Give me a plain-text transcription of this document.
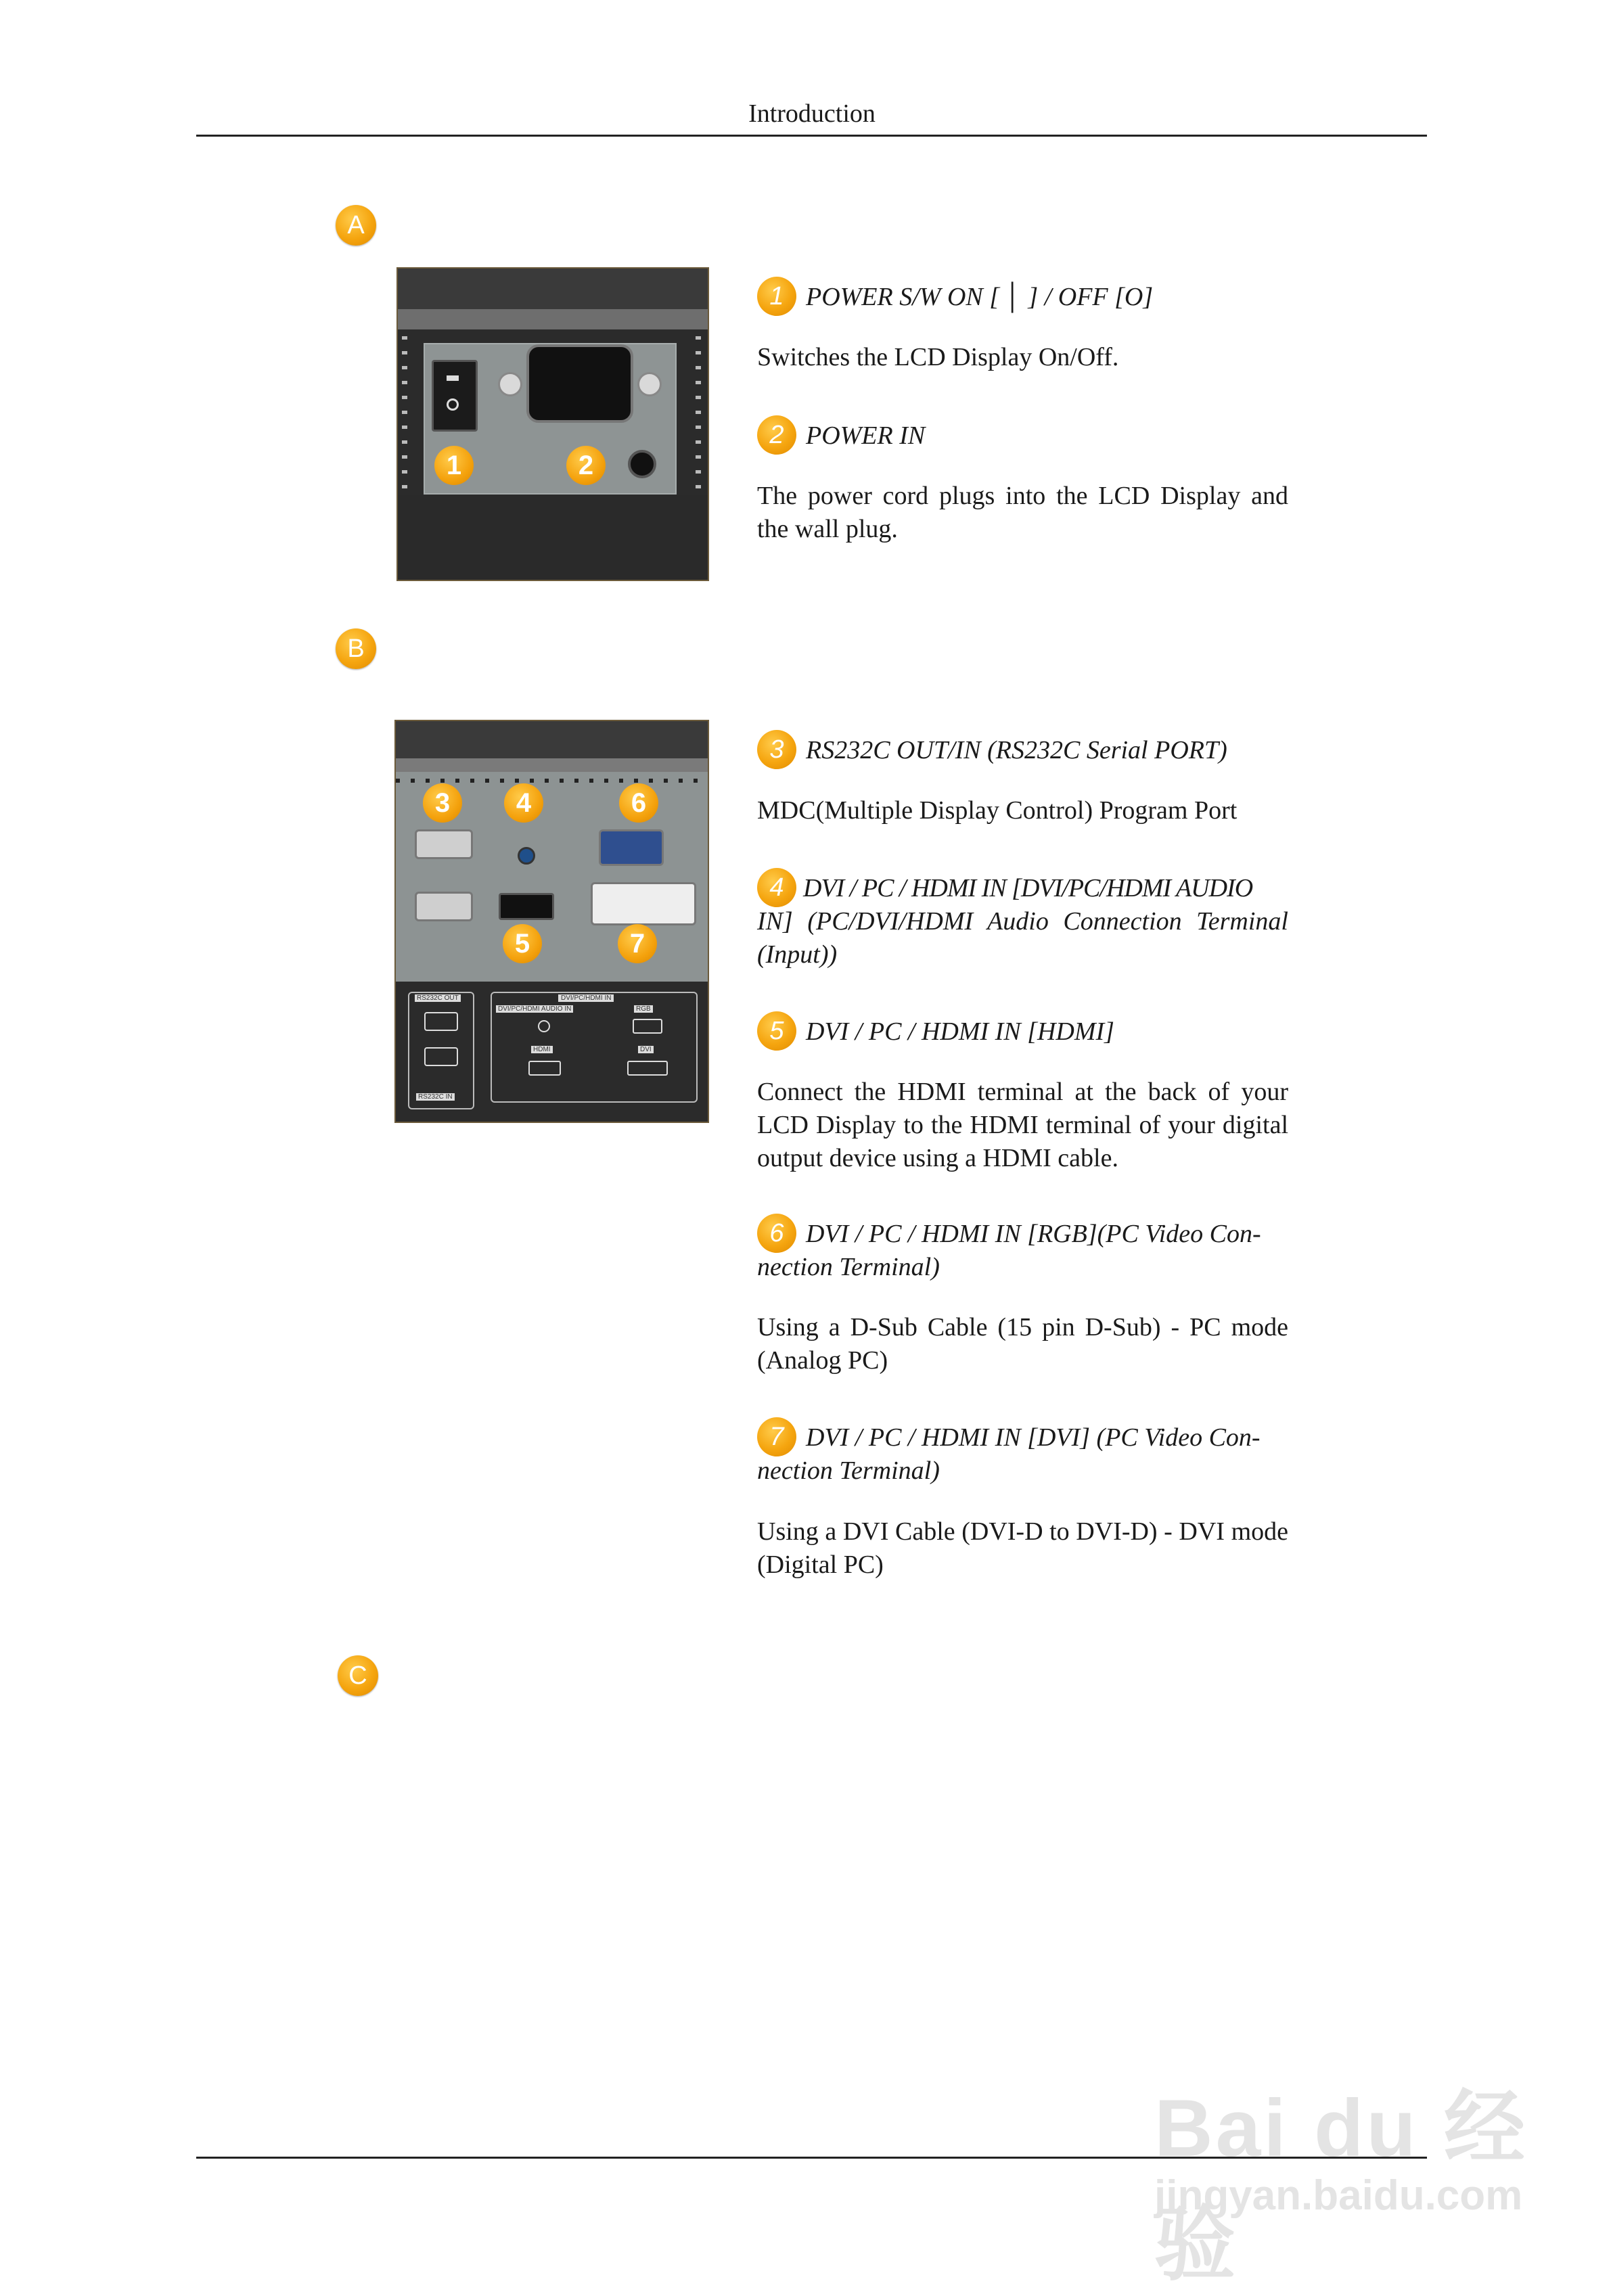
Introduction
A
1	2
1 POWER S/W ON [ │ ] / OFF [O]
Switches the LCD Display On/Off.
2 POWER IN
The power cord plugs into the LCD Display and the wall plug.
B
3	4	6
5	7
RS232C OUT
RS232C IN
DVI/PC/HDMI IN
DVI/PC/HDMI AUDIO IN	RGB
HDMI	DVI
3 RS232C OUT/IN (RS232C Serial PORT)
MDC(Multiple Display Control) Program Port
4 DVI / PC / HDMI IN [DVI/PC/HDMI AUDIO
IN] (PC/DVI/HDMI Audio Connection Terminal (Input))
5 DVI / PC / HDMI IN [HDMI]
Connect the HDMI terminal at the back of your LCD Display to the HDMI terminal of your digital output device using a HDMI cable.
6 DVI / PC / HDMI IN [RGB](PC Video Con-
nection Terminal)
Using a D-Sub Cable (15 pin D-Sub) - PC mode (Analog PC)
7 DVI / PC / HDMI IN [DVI] (PC Video Con-
nection Terminal)
Using a DVI Cable (DVI-D to DVI-D) - DVI mode (Digital PC)
C
Bai du 经验
jingyan.baidu.com
